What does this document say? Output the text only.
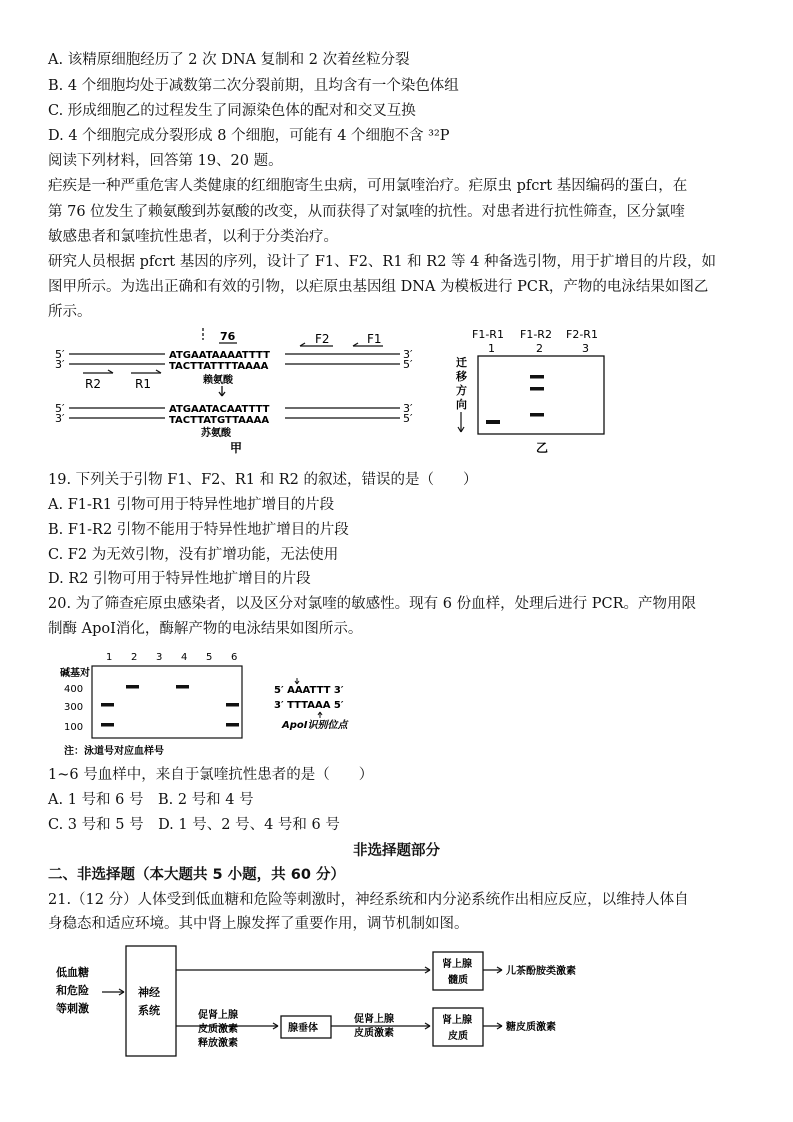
A. 该精原细胞经历了 2 次 DNA 复制和 2 次着丝粒分裂
B. 4 个细胞均处于减数第二次分裂前期，且均含有一个染色体组
C. 形成细胞乙的过程发生了同源染色体的配对和交叉互换
D. 4 个细胞完成分裂形成 8 个细胞，可能有 4 个细胞不含 ³²P
阅读下列材料，回答第 19、20 题。
疟疾是一种严重危害人类健康的红细胞寄生虫病，可用氯喹治疗。疟原虫 pfcrt 基因编码的蛋白，在
第 76 位发生了赖氨酸到苏氨酸的改变，从而获得了对氯喹的抗性。对患者进行抗性筛查，区分氯喹
敏感患者和氯喹抗性患者，以利于分类治疗。
研究人员根据 pfcrt 基因的序列，设计了 F1、F2、R1 和 R2 等 4 种备选引物，用于扩增目的片段，如
图甲所示。为选出正确和有效的引物，以疟原虫基因组 DNA 为模板进行 PCR，产物的电泳结果如图乙
所示。
5′
3′
3′
5′
5′
3′
3′
5′
76
ATGAATAAAATTTT
TACTTATTTTAAAA
赖氨酸
ATGAATACAATTTT
TACTTATGTTAAAA
苏氨酸
F2	F1
R2	R1
甲
F1-R1 F1-R2 F2-R1
1	2	3
迁
移
方
向
乙
19. 下列关于引物 F1、F2、R1 和 R2 的叙述，错误的是（　　）
A. F1-R1 引物可用于特异性地扩增目的片段
B. F1-R2 引物不能用于特异性地扩增目的片段
C. F2 为无效引物，没有扩增功能，无法使用
D. R2 引物可用于特异性地扩增目的片段
20. 为了筛查疟原虫感染者，以及区分对氯喹的敏感性。现有 6 份血样，处理后进行 PCR。产物用限
制酶 ApoⅠ消化，酶解产物的电泳结果如图所示。
碱基对
1 2 3 4 5 6
400
300
100
注：泳道号对应血样号
5′ AAATTT 3′
3′ TTTAAA 5′
ApoI识别位点
1~6 号血样中，来自于氯喹抗性患者的是（　　）
A. 1 号和 6 号　B. 2 号和 4 号
C. 3 号和 5 号　D. 1 号、2 号、4 号和 6 号
非选择题部分
二、非选择题（本大题共 5 小题，共 60 分）
21.（12 分）人体受到低血糖和危险等刺激时，神经系统和内分泌系统作出相应反应，以维持人体自
身稳态和适应环境。其中肾上腺发挥了重要作用，调节机制如图。
低血糖
和危险
等刺激
神经
系统	促肾上腺
皮质激素
释放激素
腺垂体
促肾上腺
皮质激素
肾上腺
髓质
肾上腺
皮质
儿茶酚胺类激素
糖皮质激素
